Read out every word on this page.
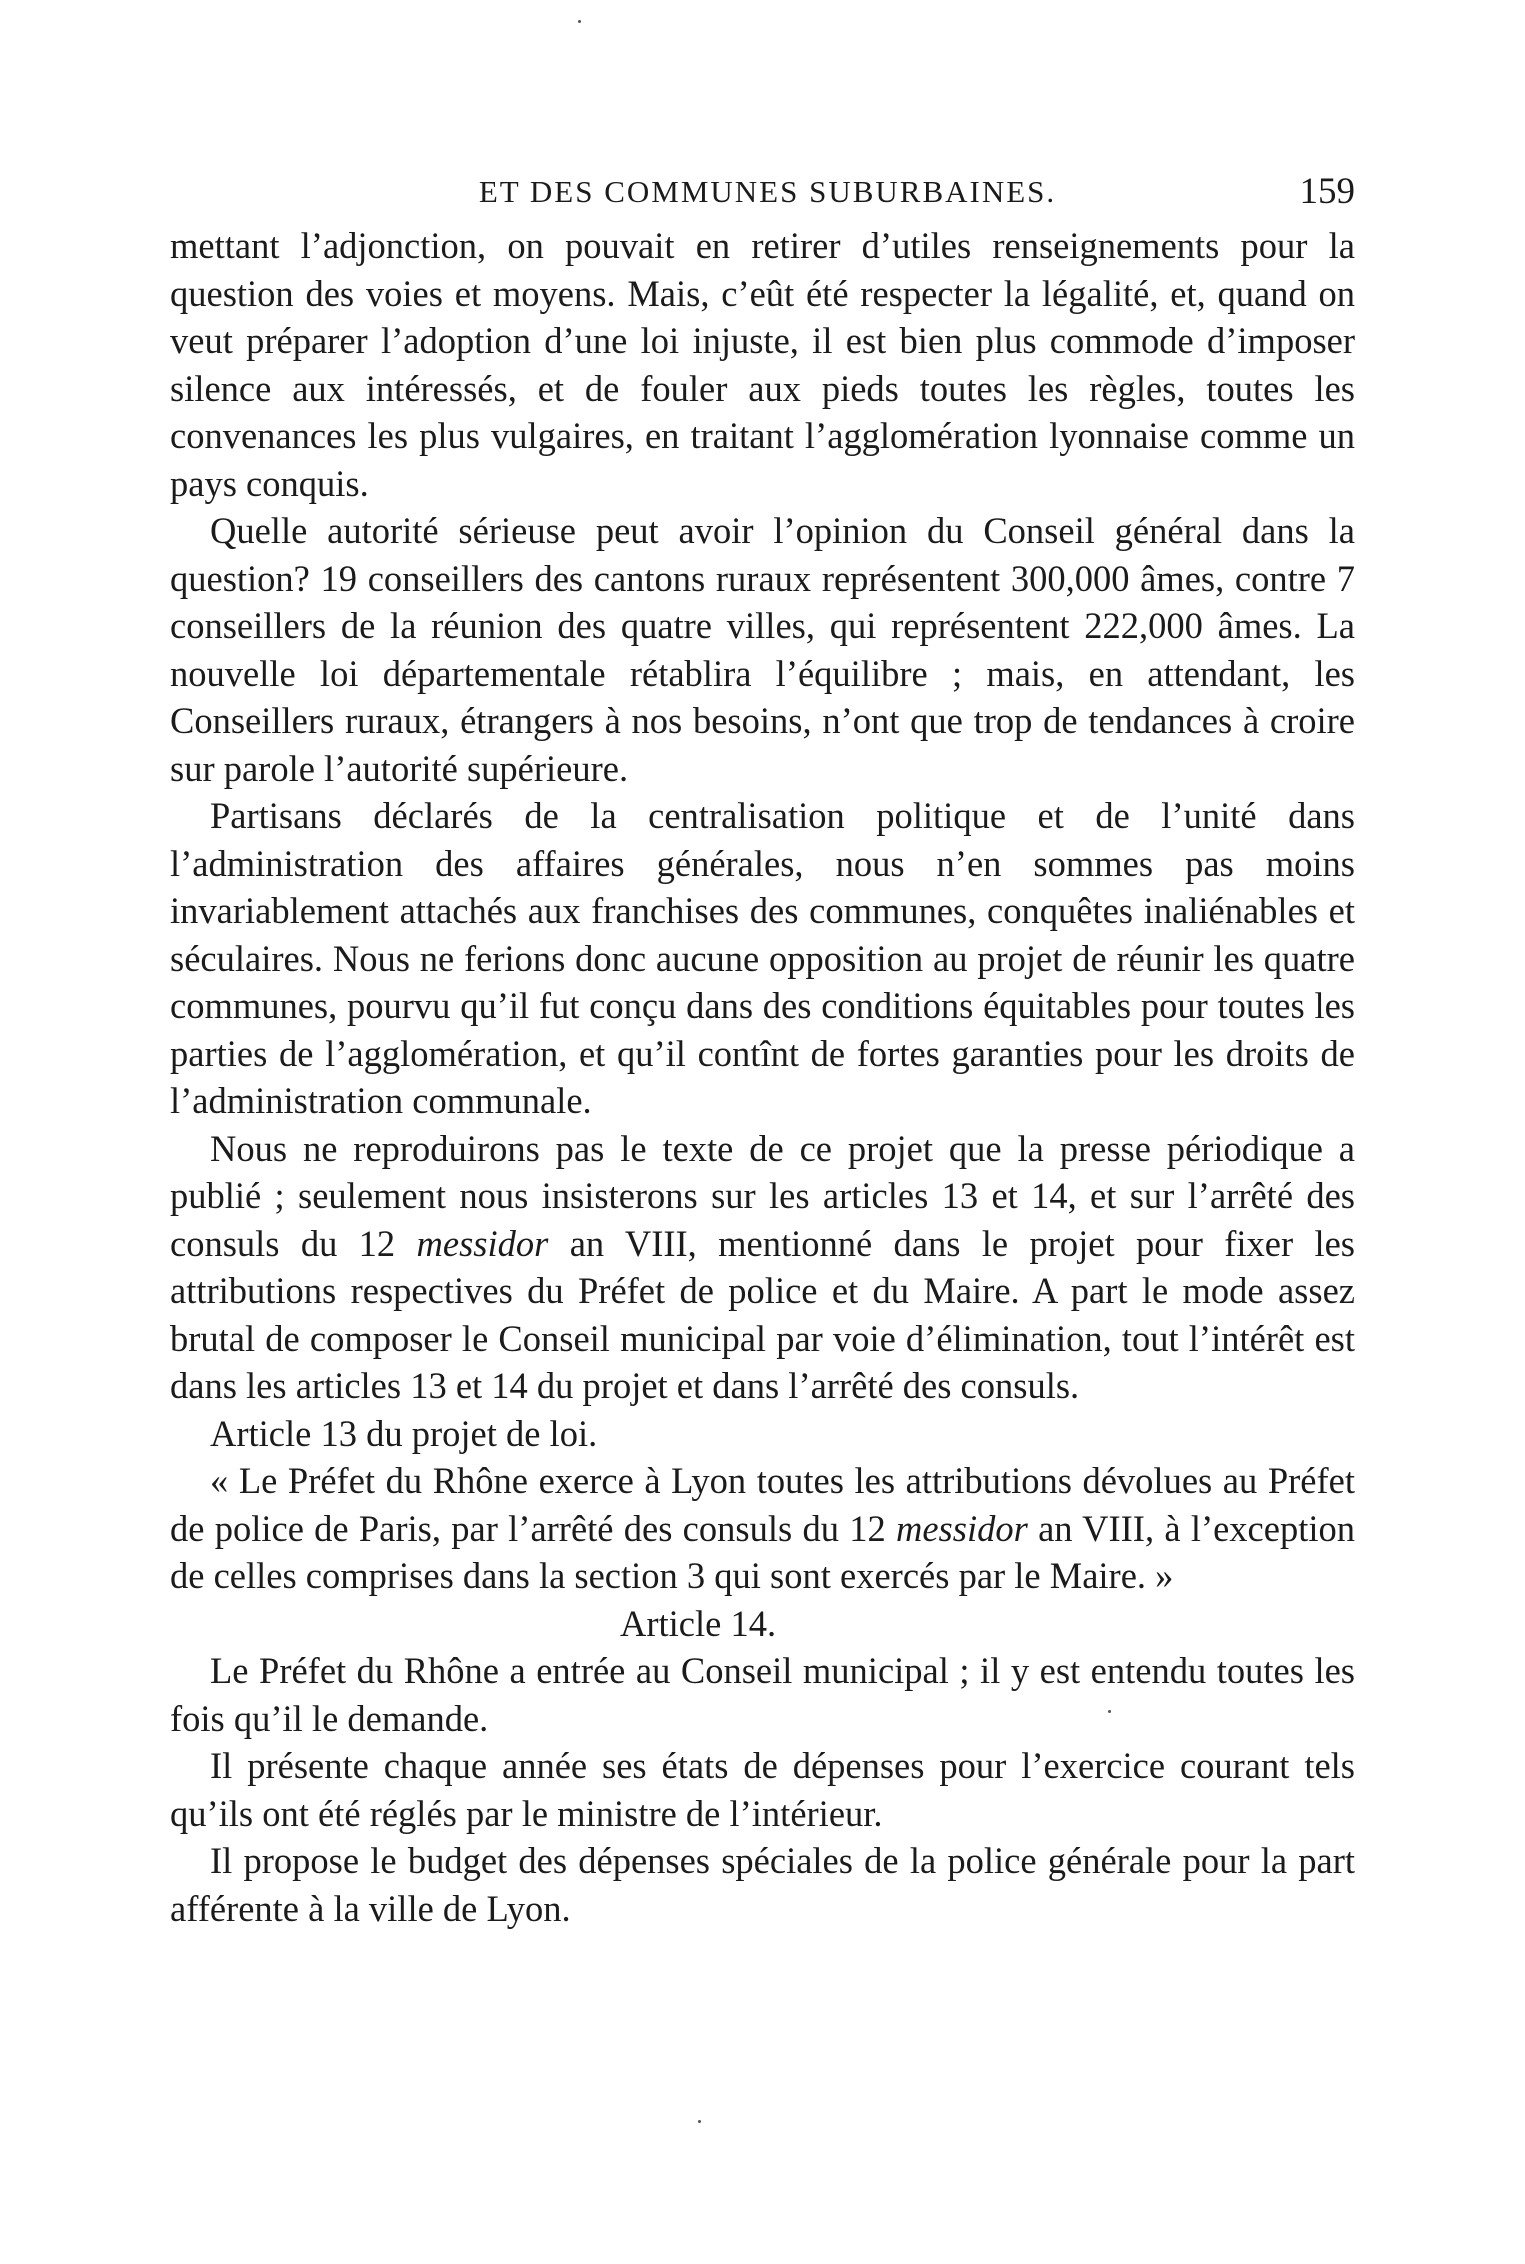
ET DES COMMUNES SUBURBAINES.	159

mettant l’adjonction, on pouvait en retirer d’utiles renseignements pour la question des voies et moyens. Mais, c’eût été respecter la légalité, et, quand on veut préparer l’adoption d’une loi injuste, il est bien plus commode d’imposer silence aux intéressés, et de fouler aux pieds toutes les règles, toutes les convenances les plus vulgaires, en traitant l’agglomération lyonnaise comme un pays conquis.

Quelle autorité sérieuse peut avoir l’opinion du Conseil général dans la question? 19 conseillers des cantons ruraux représentent 300,000 âmes, contre 7 conseillers de la réunion des quatre villes, qui représentent 222,000 âmes. La nouvelle loi départementale rétablira l’équilibre ; mais, en attendant, les Conseillers ruraux, étrangers à nos besoins, n’ont que trop de tendances à croire sur parole l’autorité supérieure.

Partisans déclarés de la centralisation politique et de l’unité dans l’administration des affaires générales, nous n’en sommes pas moins invariablement attachés aux franchises des communes, conquêtes inaliénables et séculaires. Nous ne ferions donc aucune opposition au projet de réunir les quatre communes, pourvu qu’il fut conçu dans des conditions équitables pour toutes les parties de l’agglomération, et qu’il contînt de fortes garanties pour les droits de l’administration communale.

Nous ne reproduirons pas le texte de ce projet que la presse périodique a publié ; seulement nous insisterons sur les articles 13 et 14, et sur l’arrêté des consuls du 12 messidor an VIII, mentionné dans le projet pour fixer les attributions respectives du Préfet de police et du Maire. A part le mode assez brutal de composer le Conseil municipal par voie d’élimination, tout l’intérêt est dans les articles 13 et 14 du projet et dans l’arrêté des consuls.

Article 13 du projet de loi.

« Le Préfet du Rhône exerce à Lyon toutes les attributions dévolues au Préfet de police de Paris, par l’arrêté des consuls du 12 messidor an VIII, à l’exception de celles comprises dans la section 3 qui sont exercés par le Maire. »

Article 14.

Le Préfet du Rhône a entrée au Conseil municipal ; il y est entendu toutes les fois qu’il le demande.

Il présente chaque année ses états de dépenses pour l’exercice courant tels qu’ils ont été réglés par le ministre de l’intérieur.

Il propose le budget des dépenses spéciales de la police générale pour la part afférente à la ville de Lyon.
